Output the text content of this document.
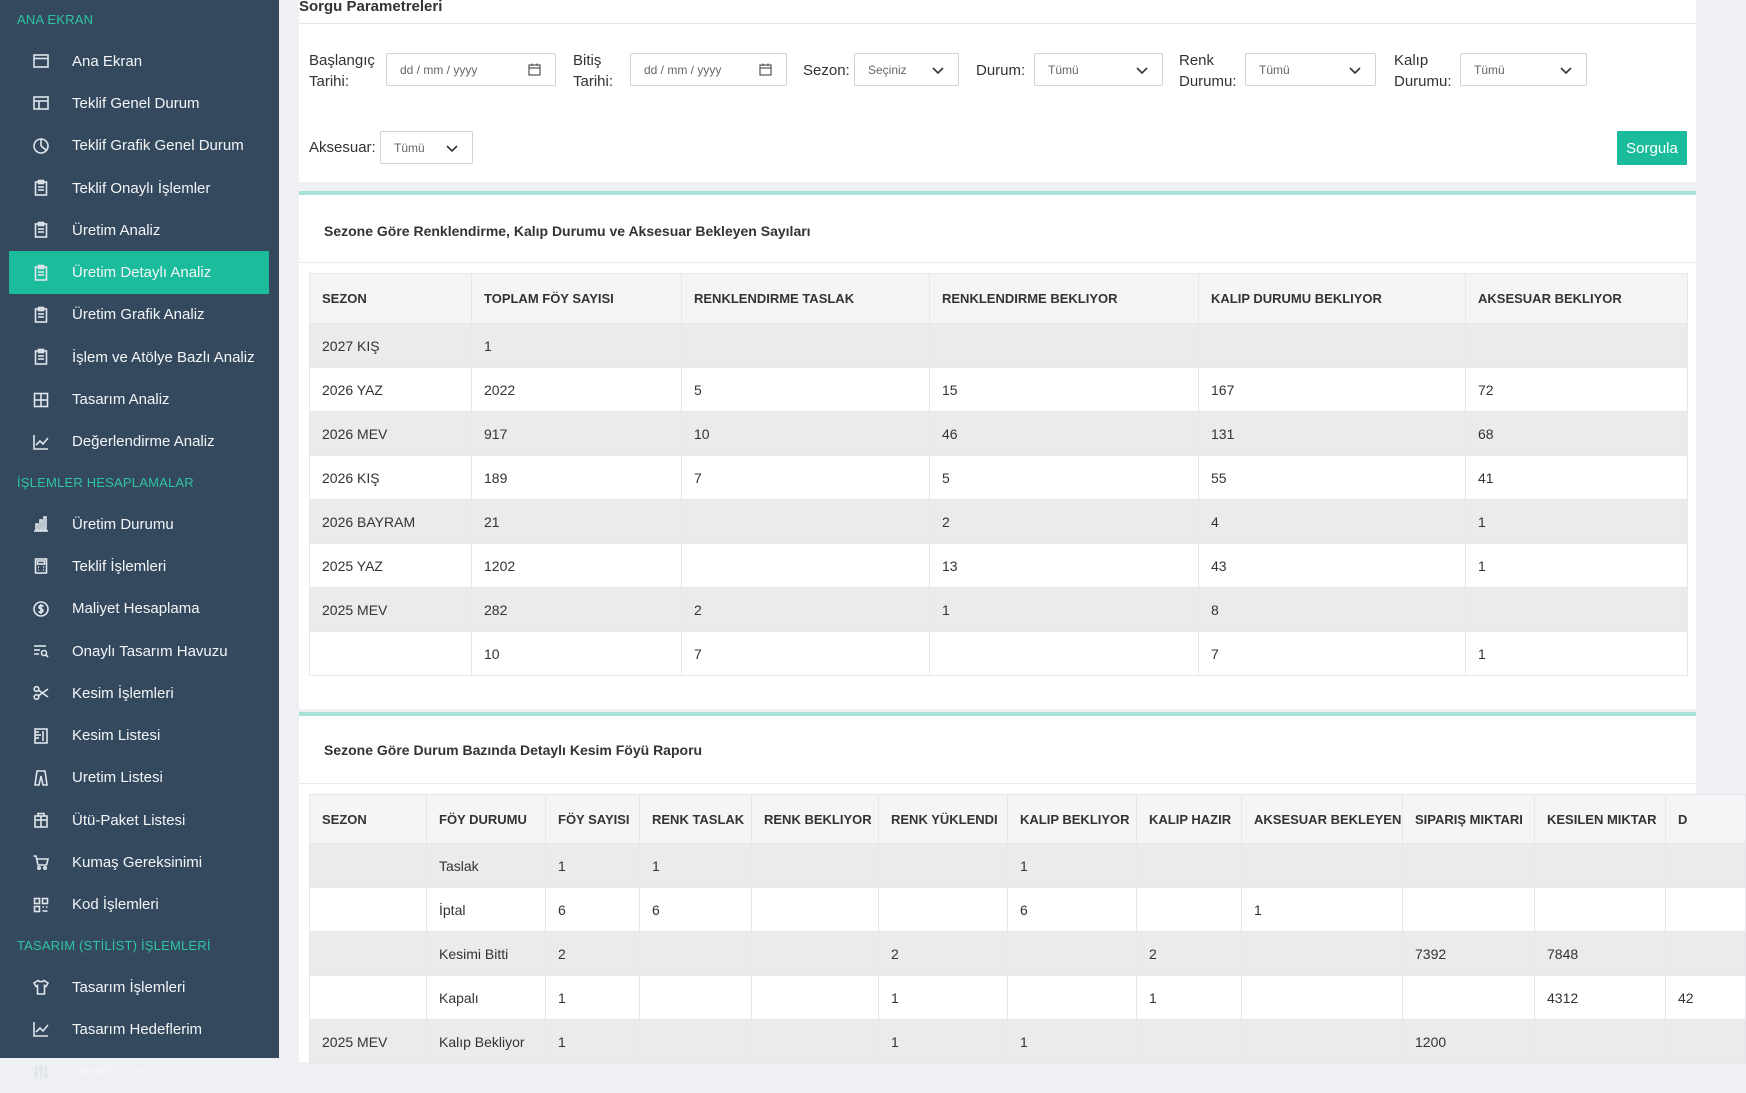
ANA EKRAN
Ana Ekran
Teklif Genel Durum
Teklif Grafik Genel Durum
Teklif Onaylı İşlemler
Üretim Analiz
Üretim Detaylı Analiz
Üretim Grafik Analiz
İşlem ve Atölye Bazlı Analiz
Tasarım Analiz
Değerlendirme Analiz
İŞLEMLER HESAPLAMALAR
Üretim Durumu
Teklif İşlemleri
Maliyet Hesaplama
Onaylı Tasarım Havuzu
Kesim İşlemleri
Kesim Listesi
Uretim Listesi
Ütü-Paket Listesi
Kumaş Gereksinimi
Kod İşlemleri
TASARIM (STİLİST) İŞLEMLERİ
Tasarım İşlemleri
Tasarım Hedeflerim
Hedef Girişi
Sorgu Parametreleri
Başlangıç
Tarihi:
dd / mm / yyyy
Bitiş
Tarihi:
dd / mm / yyyy	Sezon: Seçiniz	Durum: Tümü
Renk
Durumu:
Tümü
Kalıp
Durumu:
Tümü
Aksesuar: Tümü	Sorgula
Sezone Göre Renklendirme, Kalıp Durumu ve Aksesuar Bekleyen Sayıları
SEZON	TOPLAM FÖY SAYISI	RENKLENDIRME TASLAK	RENKLENDIRME BEKLIYOR	KALIP DURUMU BEKLIYOR	AKSESUAR BEKLIYOR
2027 KIŞ	1				
2026 YAZ	2022	5	15	167	72
2026 MEV	917	10	46	131	68
2026 KIŞ	189	7	5	55	41
2026 BAYRAM	21		2	4	1
2025 YAZ	1202		13	43	1
2025 MEV	282	2	1	8	
	10	7		7	1
Sezone Göre Durum Bazında Detaylı Kesim Föyü Raporu
SEZON	FÖY DURUMU	FÖY SAYISI	RENK TASLAK	RENK BEKLIYOR	RENK YÜKLENDI	KALIP BEKLIYOR	KALIP HAZIR	AKSESUAR BEKLEYEN	SIPARIŞ MIKTARI	KESILEN MIKTAR	D
	Taslak	1	1			1					
	İptal	6	6			6		1			
	Kesimi Bitti	2			2		2		7392	7848	
	Kapalı	1			1		1			4312	42
2025 MEV	Kalıp Bekliyor	1			1	1			1200		
